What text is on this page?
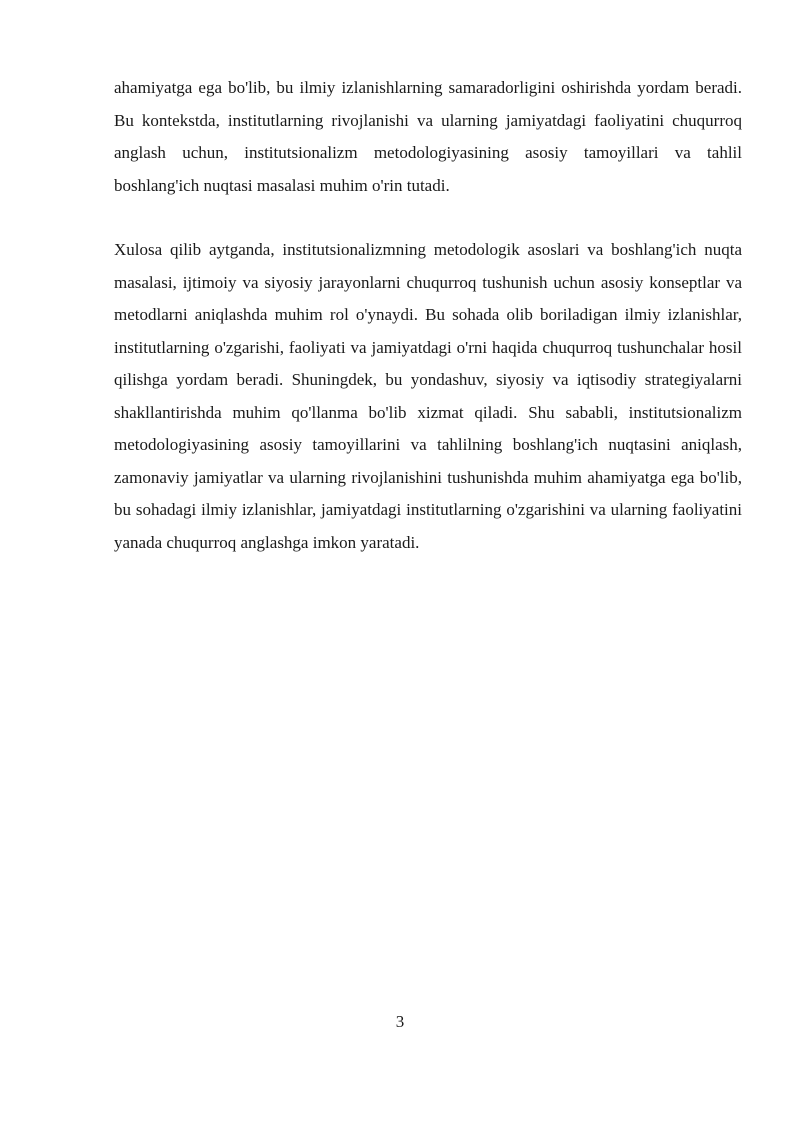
ahamiyatga ega bo'lib, bu ilmiy izlanishlarning samaradorligini oshirishda yordam beradi. Bu kontekstda, institutlarning rivojlanishi va ularning jamiyatdagi faoliyatini chuqurroq anglash uchun, institutsionalizm metodologiyasining asosiy tamoyillari va tahlil boshlang'ich nuqtasi masalasi muhim o'rin tutadi.

Xulosa qilib aytganda, institutsionalizmning metodologik asoslari va boshlang'ich nuqta masalasi, ijtimoiy va siyosiy jarayonlarni chuqurroq tushunish uchun asosiy konseptlar va metodlarni aniqlashda muhim rol o'ynaydi. Bu sohada olib boriladigan ilmiy izlanishlar, institutlarning o'zgarishi, faoliyati va jamiyatdagi o'rni haqida chuqurroq tushunchalar hosil qilishga yordam beradi. Shuningdek, bu yondashuv, siyosiy va iqtisodiy strategiyalarni shakllantirishda muhim qo'llanma bo'lib xizmat qiladi. Shu sababli, institutsionalizm metodologiyasining asosiy tamoyillarini va tahlilning boshlang'ich nuqtasini aniqlash, zamonaviy jamiyatlar va ularning rivojlanishini tushunishda muhim ahamiyatga ega bo'lib, bu sohadagi ilmiy izlanishlar, jamiyatdagi institutlarning o'zgarishini va ularning faoliyatini yanada chuqurroq anglashga imkon yaratadi.

3
